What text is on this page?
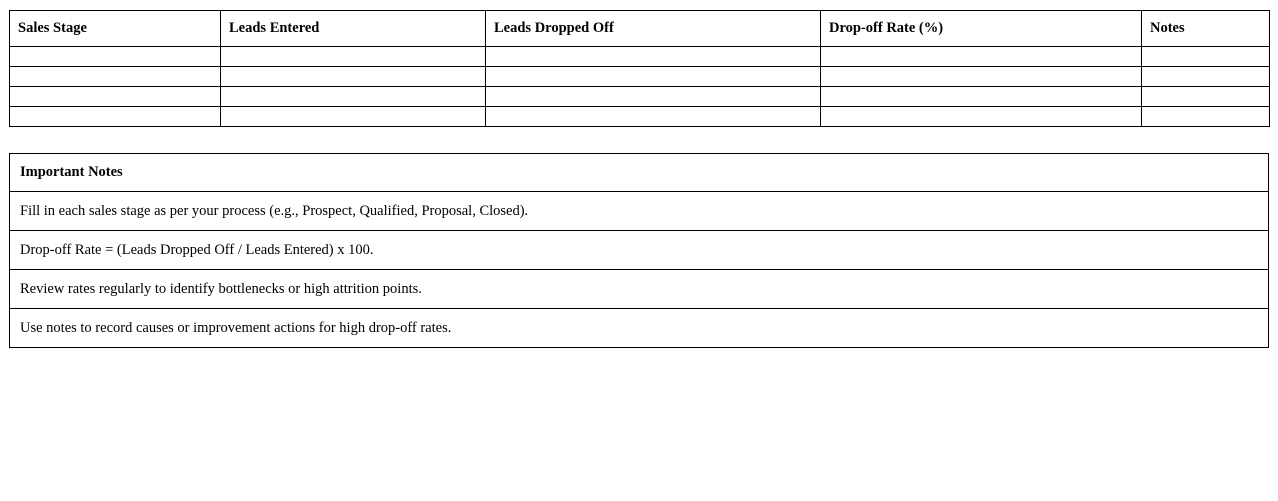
Sales Stage	Leads Entered	Leads Dropped Off	Drop-off Rate (%)	Notes

Important Notes
Fill in each sales stage as per your process (e.g., Prospect, Qualified, Proposal, Closed).
Drop-off Rate = (Leads Dropped Off / Leads Entered) x 100.
Review rates regularly to identify bottlenecks or high attrition points.
Use notes to record causes or improvement actions for high drop-off rates.
